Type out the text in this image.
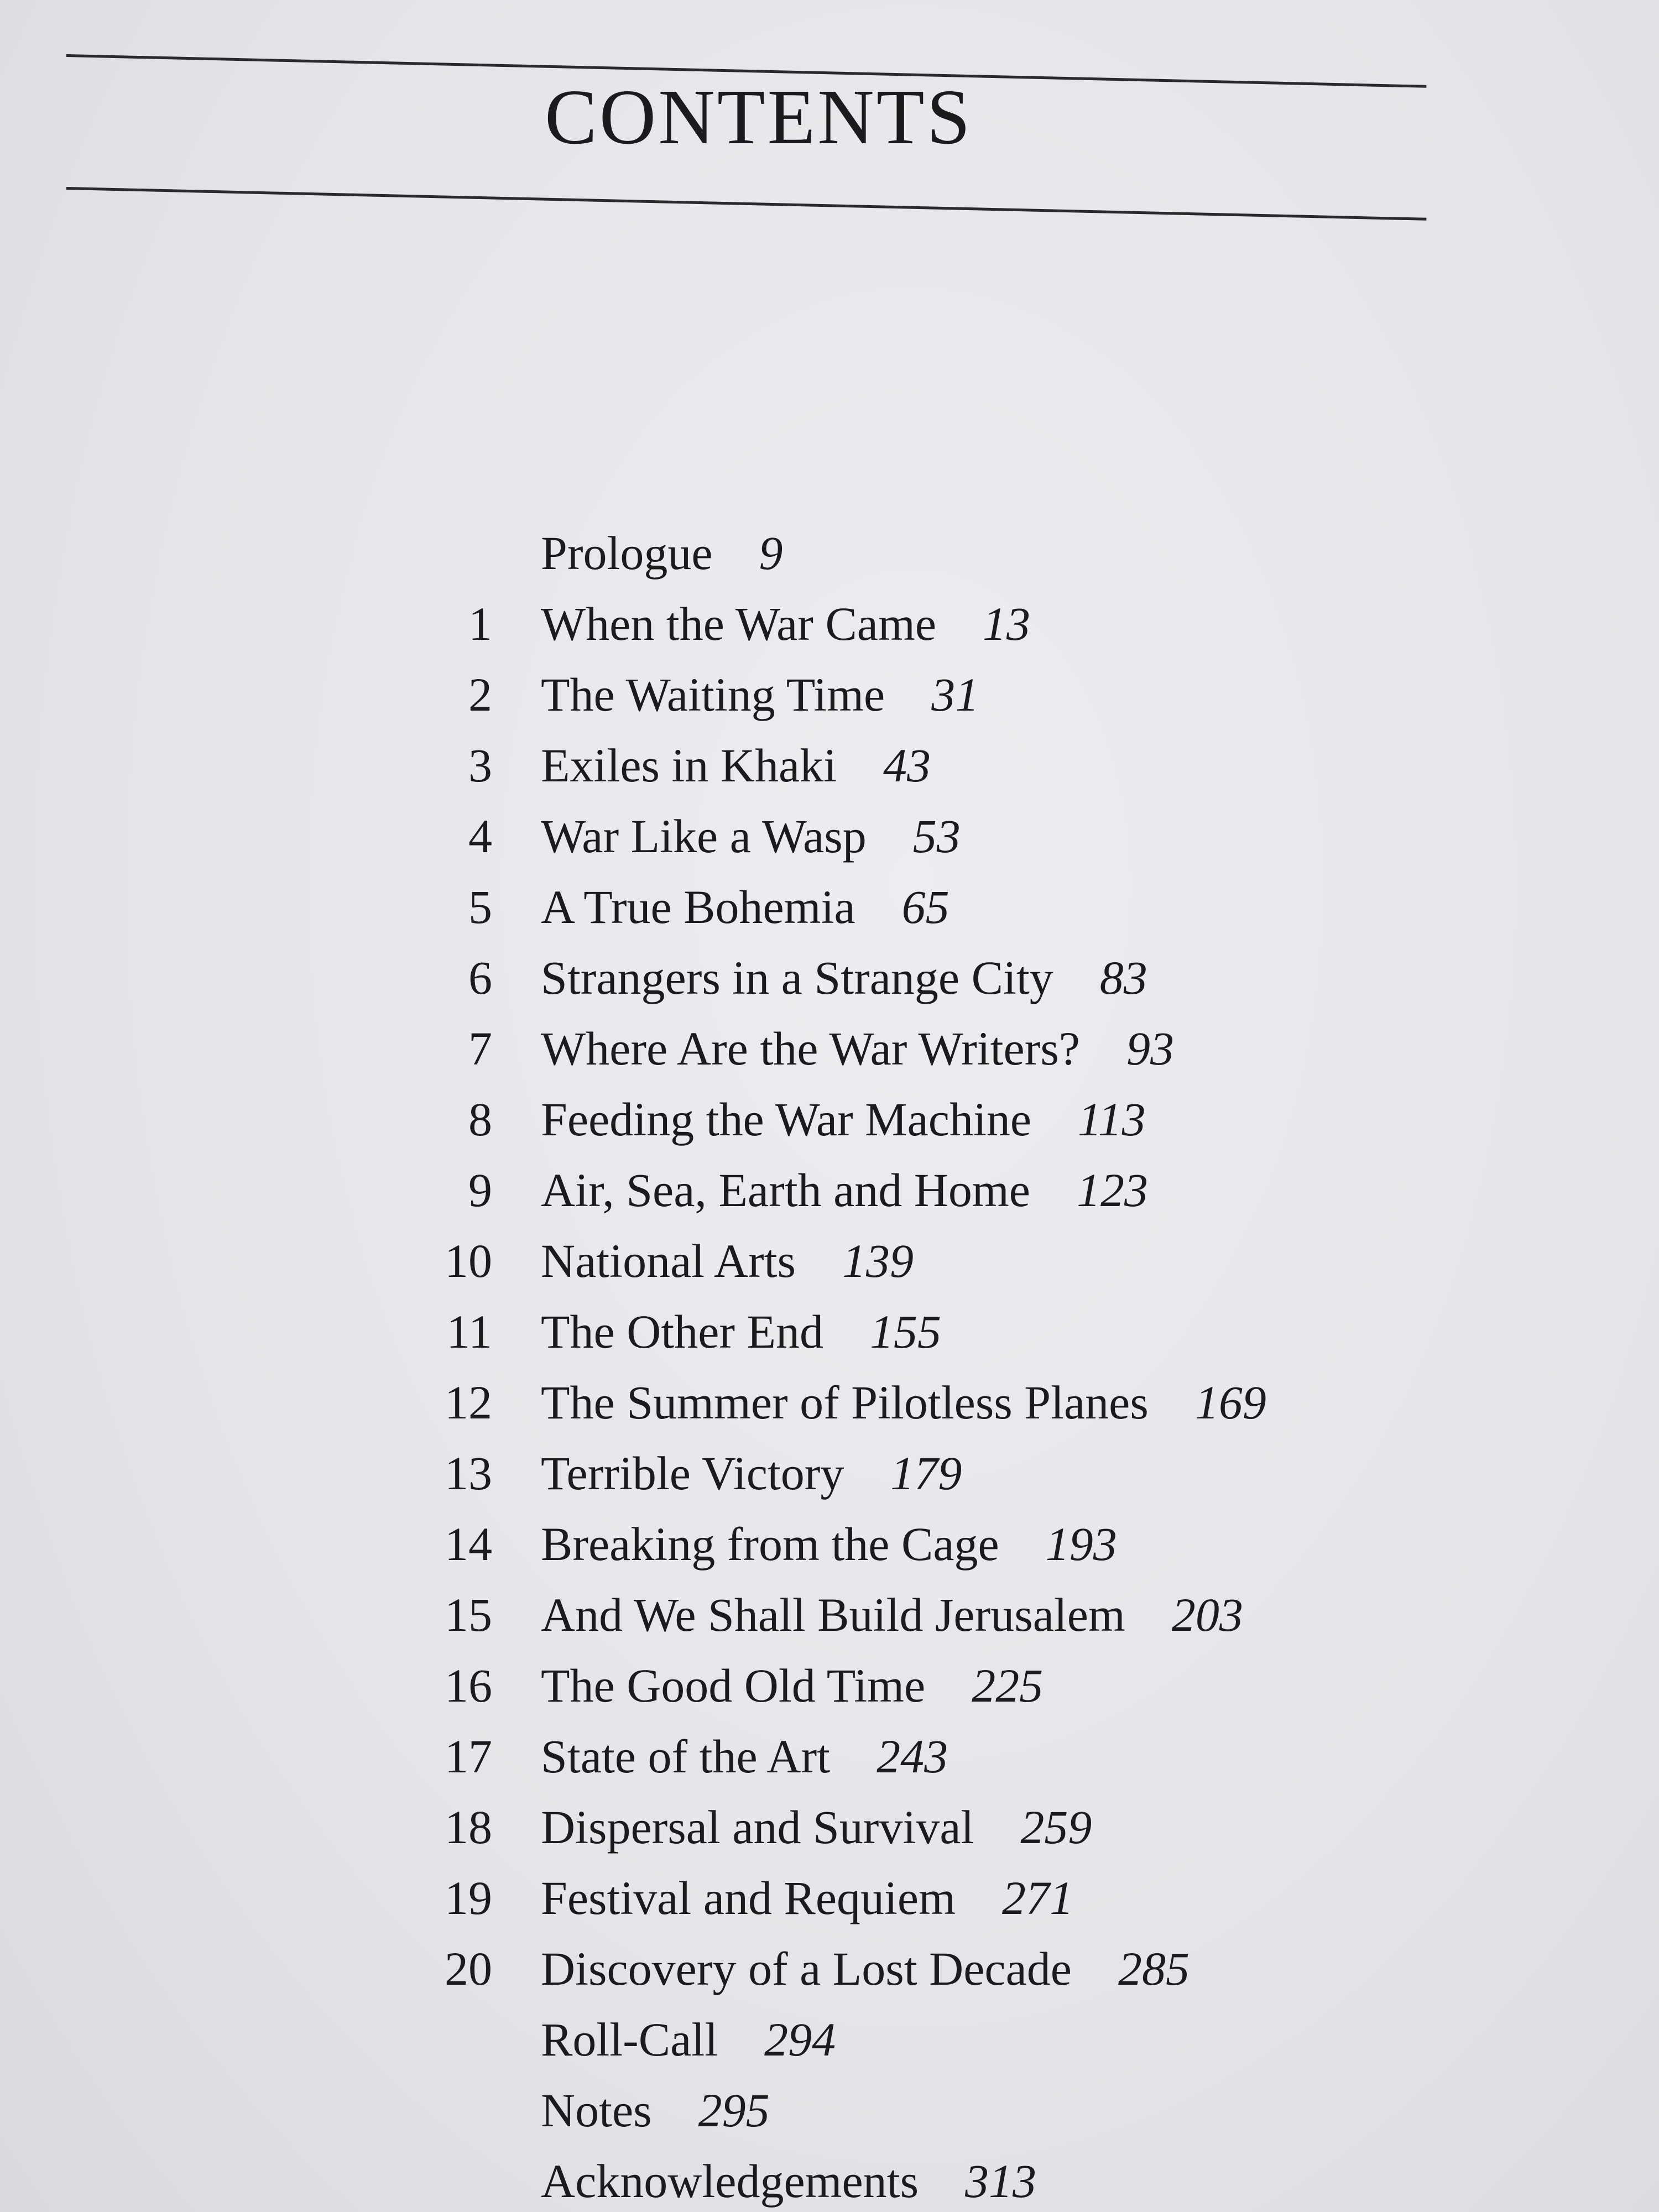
CONTENTS
Prologue 9
1 When the War Came 13
2 The Waiting Time 31
3 Exiles in Khaki 43
4 War Like a Wasp 53
5 A True Bohemia 65
6 Strangers in a Strange City 83
7 Where Are the War Writers? 93
8 Feeding the War Machine 113
9 Air, Sea, Earth and Home 123
10 National Arts 139
11 The Other End 155
12 The Summer of Pilotless Planes 169
13 Terrible Victory 179
14 Breaking from the Cage 193
15 And We Shall Build Jerusalem 203
16 The Good Old Time 225
17 State of the Art 243
18 Dispersal and Survival 259
19 Festival and Requiem 271
20 Discovery of a Lost Decade 285
Roll-Call 294
Notes 295
Acknowledgements 313
